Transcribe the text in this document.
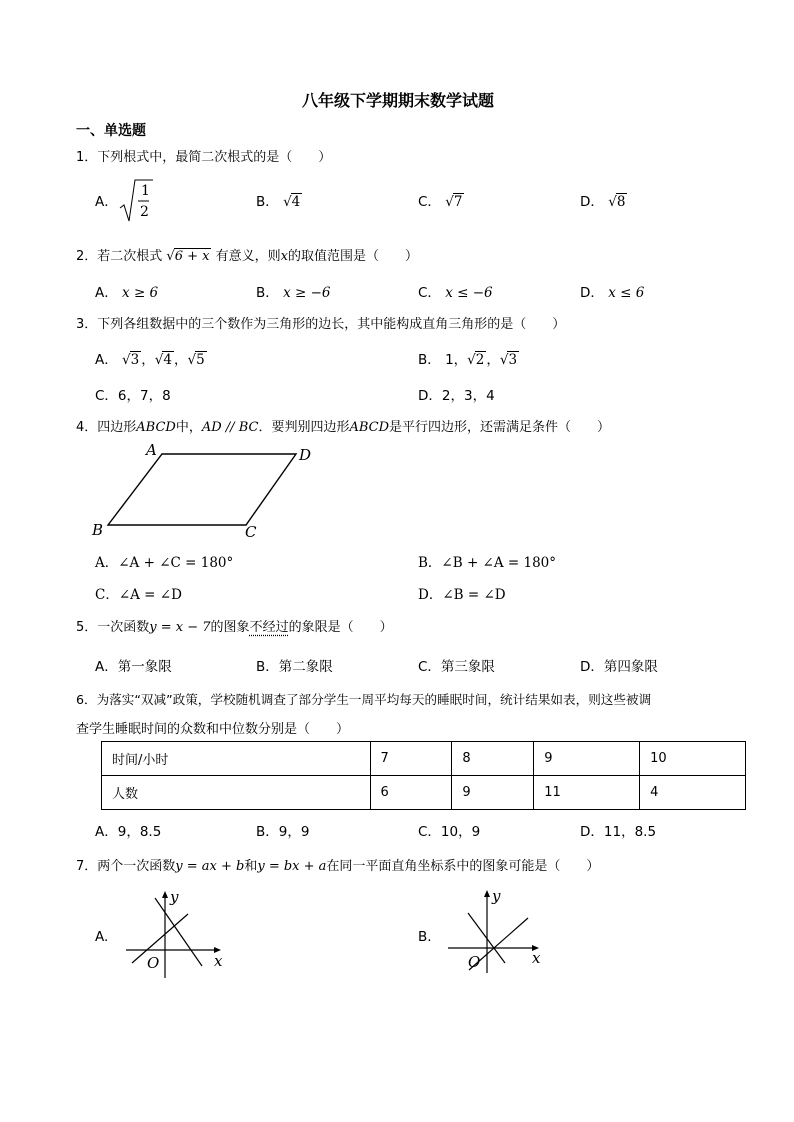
八年级下学期期末数学试题
一、单选题
1．下列根式中，最简二次根式的是（　　）
A．
1
2
B． √4	C． √7	D． √8
2．若二次根式 √6 + x 有意义，则x的取值范围是（　　）
A． x ≥ 6	B． x ≥ −6	C． x ≤ −6	D． x ≤ 6
3．下列各组数据中的三个数作为三角形的边长，其中能构成直角三角形的是（　　）
A． √3 ，√4 ，√5	B． 1，√2 ，√3
C．6，7，8	D．2，3，4
4．四边形ABCD中，AD // BC．要判别四边形ABCD是平行四边形，还需满足条件（　　）
A	D
B	C
A．∠A + ∠C = 180°	B．∠B + ∠A = 180°
C．∠A = ∠D	D．∠B = ∠D
5．一次函数y = x − 7的图象不经过的象限是（　　）
A．第一象限	B．第二象限	C．第三象限	D．第四象限
6．为落实“双减”政策，学校随机调查了部分学生一周平均每天的睡眠时间，统计结果如表，则这些被调
查学生睡眠时间的众数和中位数分别是（　　）
时间/小时	7	8	9	10
人数	6	9	11	4
A．9，8.5	B．9，9	C．10，9	D．11，8.5
7．两个一次函数y = ax + b和y = bx + a在同一平面直角坐标系中的图象可能是（　　）
A.
y
x
O
B.
y
x
O
